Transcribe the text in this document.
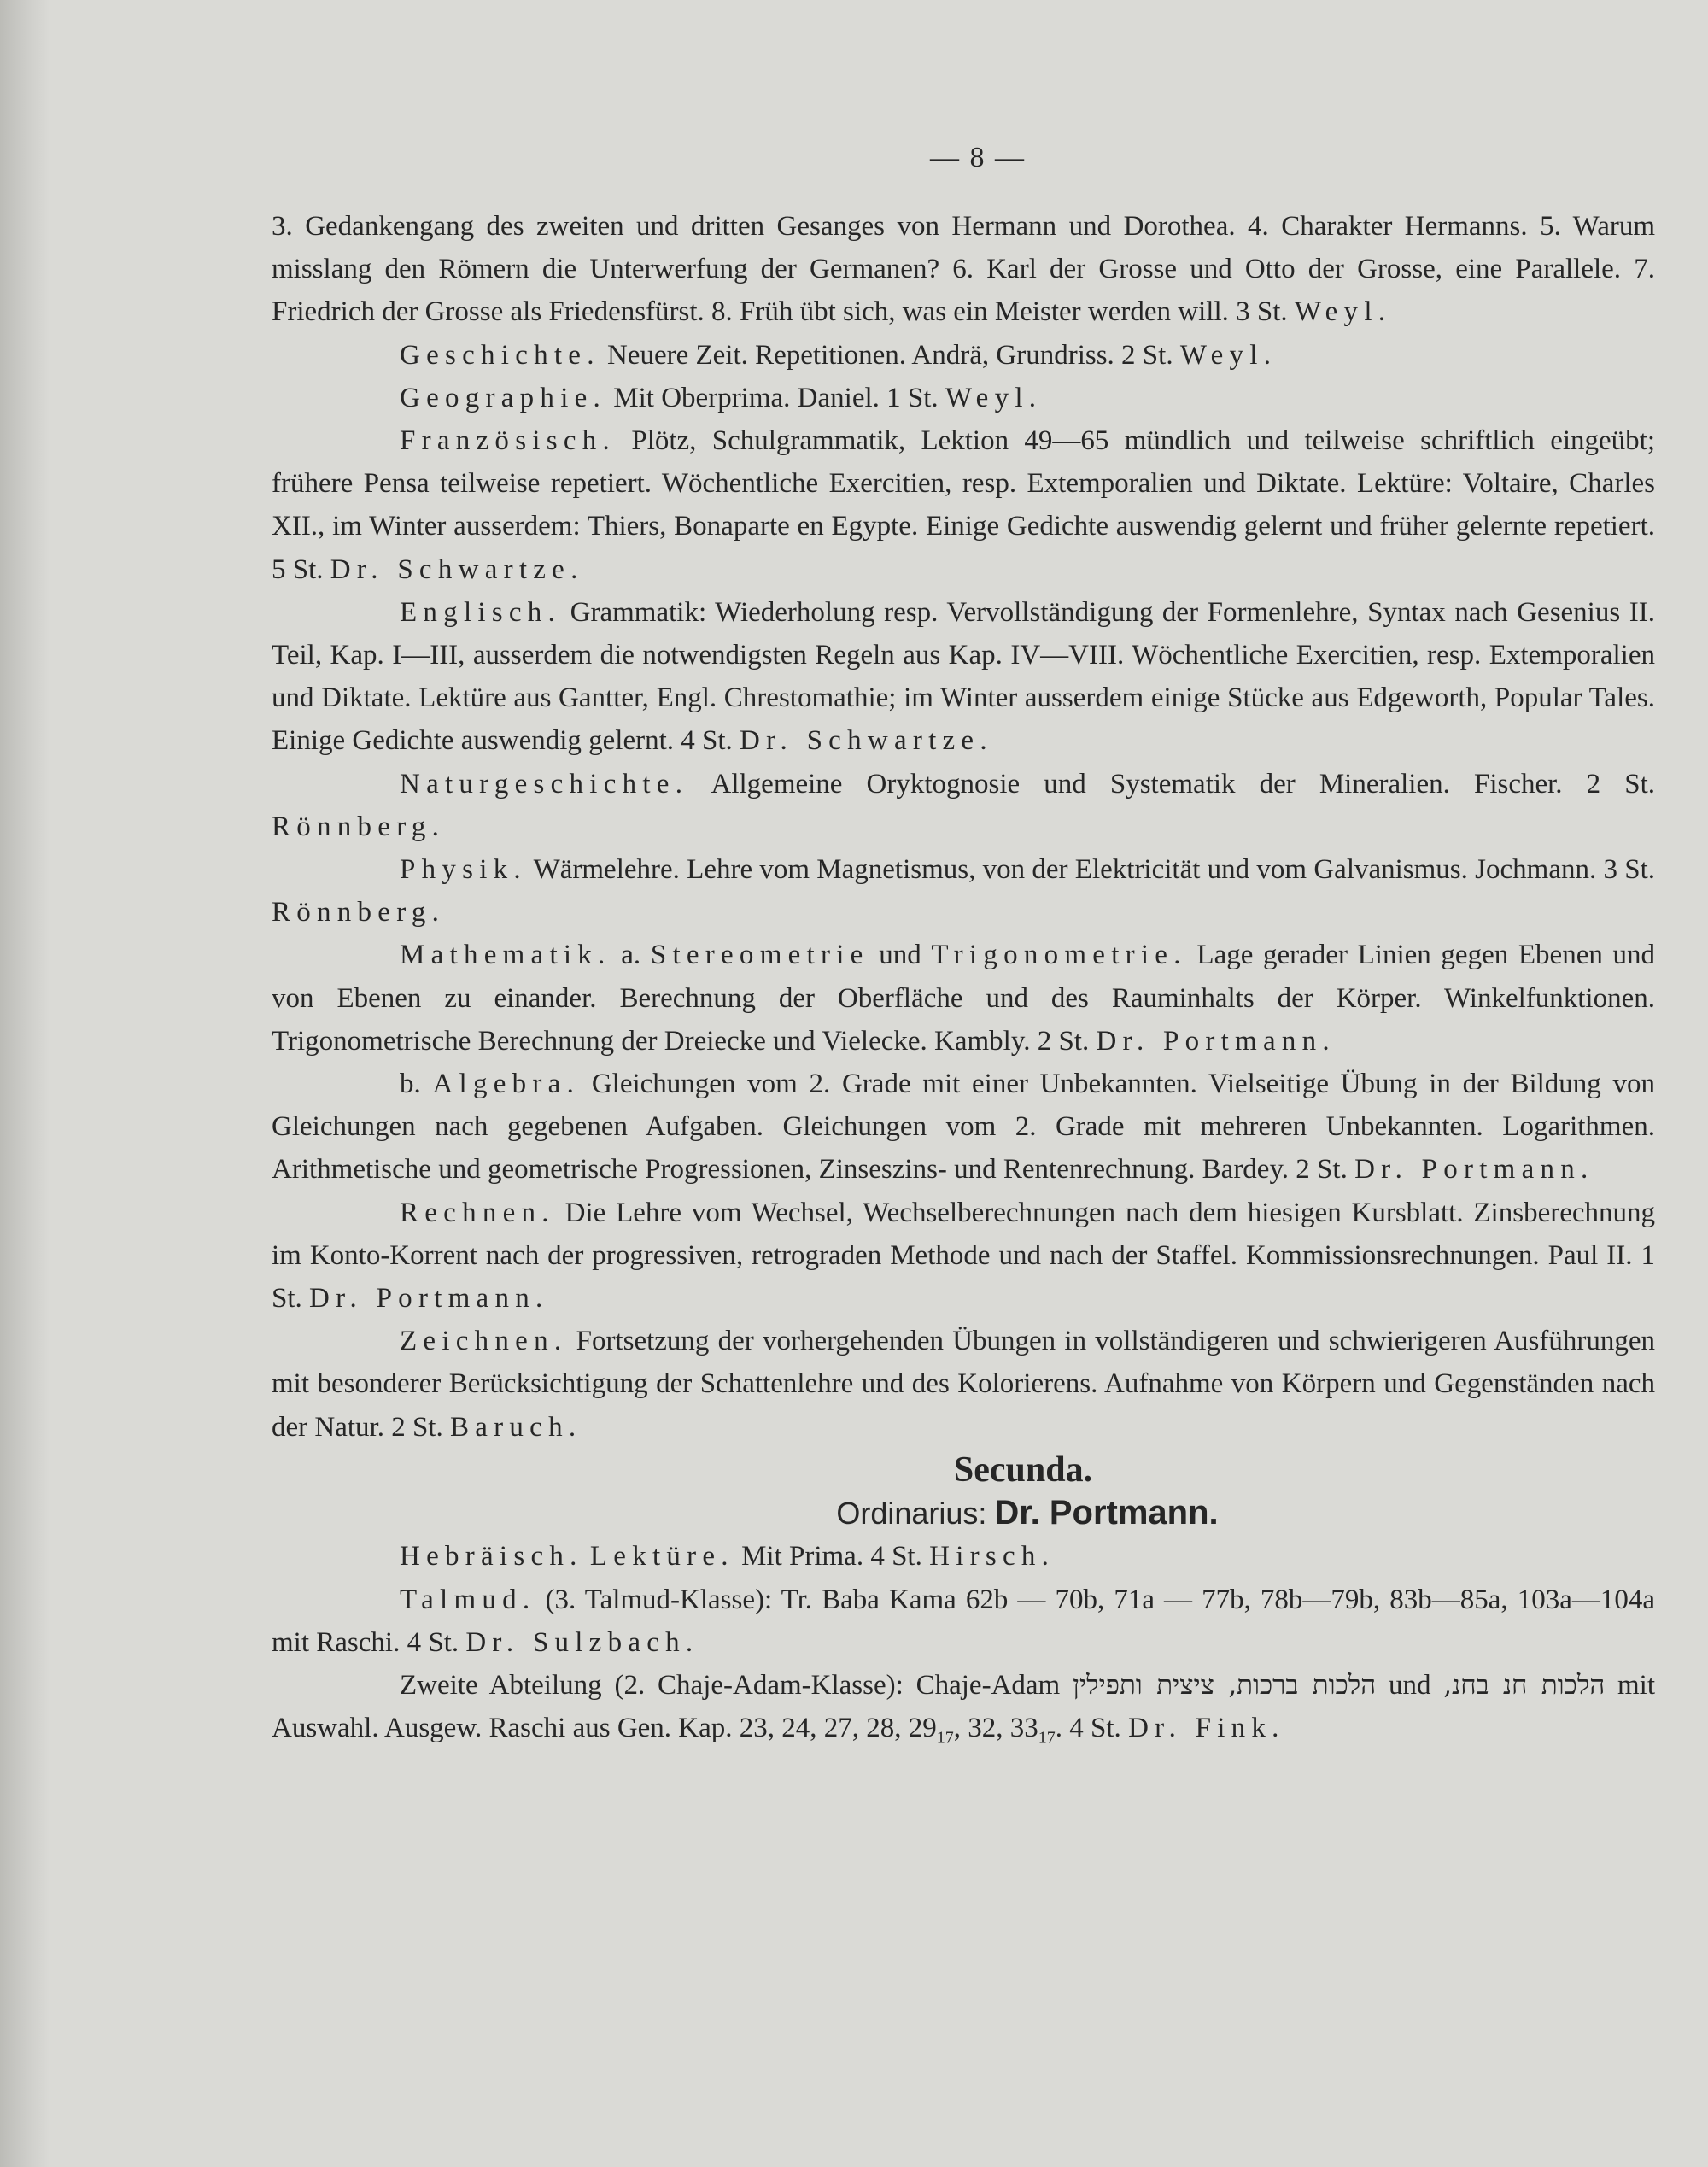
— 8 —

3. Gedankengang des zweiten und dritten Gesanges von Hermann und Dorothea. 4. Charakter Hermanns. 5. Warum misslang den Römern die Unterwerfung der Germanen? 6. Karl der Grosse und Otto der Grosse, eine Parallele. 7. Friedrich der Grosse als Friedensfürst. 8. Früh übt sich, was ein Meister werden will. 3 St. Weyl.

Geschichte. Neuere Zeit. Repetitionen. Andrä, Grundriss. 2 St. Weyl.

Geographie. Mit Oberprima. Daniel. 1 St. Weyl.

Französisch. Plötz, Schulgrammatik, Lektion 49—65 mündlich und teilweise schriftlich eingeübt; frühere Pensa teilweise repetiert. Wöchentliche Exercitien, resp. Extemporalien und Diktate. Lektüre: Voltaire, Charles XII., im Winter ausserdem: Thiers, Bonaparte en Egypte. Einige Gedichte auswendig gelernt und früher gelernte repetiert. 5 St. Dr. Schwartze.

Englisch. Grammatik: Wiederholung resp. Vervollständigung der Formenlehre, Syntax nach Gesenius II. Teil, Kap. I—III, ausserdem die notwendigsten Regeln aus Kap. IV—VIII. Wöchentliche Exercitien, resp. Extemporalien und Diktate. Lektüre aus Gantter, Engl. Chrestomathie; im Winter ausserdem einige Stücke aus Edgeworth, Popular Tales. Einige Gedichte auswendig gelernt. 4 St. Dr. Schwartze.

Naturgeschichte. Allgemeine Oryktognosie und Systematik der Mineralien. Fischer. 2 St. Rönnberg.

Physik. Wärmelehre. Lehre vom Magnetismus, von der Elektricität und vom Galvanismus. Jochmann. 3 St. Rönnberg.

Mathematik. a. Stereometrie und Trigonometrie. Lage gerader Linien gegen Ebenen und von Ebenen zu einander. Berechnung der Oberfläche und des Rauminhalts der Körper. Winkelfunktionen. Trigonometrische Berechnung der Dreiecke und Vielecke. Kambly. 2 St. Dr. Portmann.

b. Algebra. Gleichungen vom 2. Grade mit einer Unbekannten. Vielseitige Übung in der Bildung von Gleichungen nach gegebenen Aufgaben. Gleichungen vom 2. Grade mit mehreren Unbekannten. Logarithmen. Arithmetische und geometrische Progressionen, Zinseszins- und Rentenrechnung. Bardey. 2 St. Dr. Portmann.

Rechnen. Die Lehre vom Wechsel, Wechselberechnungen nach dem hiesigen Kursblatt. Zinsberechnung im Konto-Korrent nach der progressiven, retrograden Methode und nach der Staffel. Kommissionsrechnungen. Paul II. 1 St. Dr. Portmann.

Zeichnen. Fortsetzung der vorhergehenden Übungen in vollständigeren und schwierigeren Ausführungen mit besonderer Berücksichtigung der Schattenlehre und des Kolorierens. Aufnahme von Körpern und Gegenständen nach der Natur. 2 St. Baruch.

Secunda.

Ordinarius: Dr. Portmann.

Hebräisch. Lektüre. Mit Prima. 4 St. Hirsch.

Talmud. (3. Talmud-Klasse): Tr. Baba Kama 62b — 70b, 71a — 77b, 78b—79b, 83b—85a, 103a—104a mit Raschi. 4 St. Dr. Sulzbach.

Zweite Abteilung (2. Chaje-Adam-Klasse): Chaje-Adam הלכות ברכות, ציצית ותפילין und הלכות חנ בחנ, mit Auswahl. Ausgew. Raschi aus Gen. Kap. 23, 24, 27, 28, $29_{17}$, 32, $33_{17}$. 4 St. Dr. Fink.
